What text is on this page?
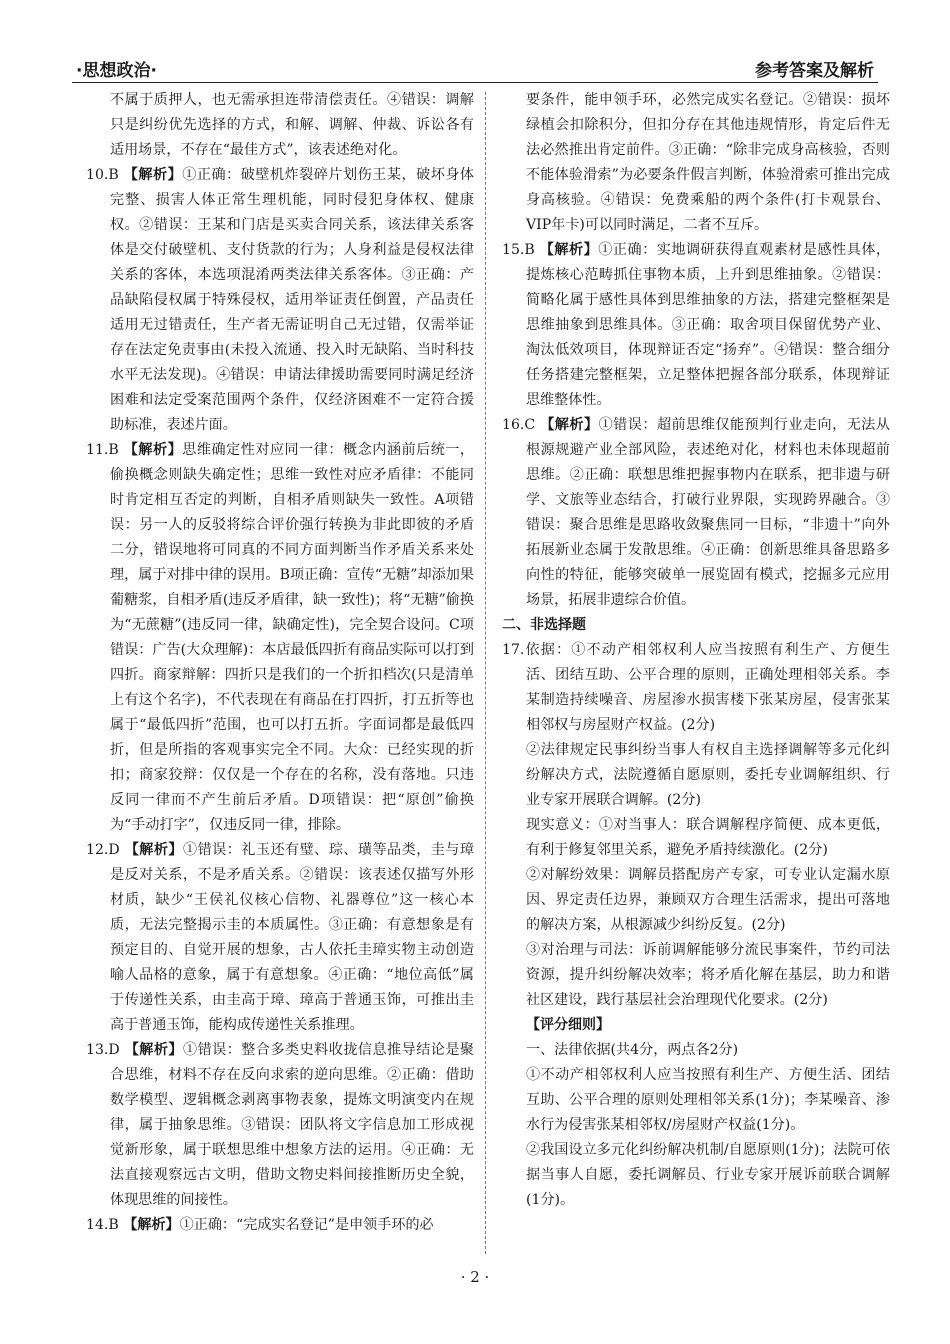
·思想政治·	参考答案及解析
不属于质押人，也无需承担连带清偿责任。④错误：调解只是纠纷优先选择的方式，和解、调解、仲裁、诉讼各有适用场景，不存在“最佳方式”，该表述绝对化。
10.B 【解析】①正确：破壁机炸裂碎片划伤王某，破坏身体完整、损害人体正常生理机能，同时侵犯身体权、健康权。②错误：王某和门店是买卖合同关系，该法律关系客体是交付破壁机、支付货款的行为；人身利益是侵权法律关系的客体，本选项混淆两类法律关系客体。③正确：产品缺陷侵权属于特殊侵权，适用举证责任倒置，产品责任适用无过错责任，生产者无需证明自己无过错，仅需举证存在法定免责事由(未投入流通、投入时无缺陷、当时科技水平无法发现)。④错误：申请法律援助需要同时满足经济困难和法定受案范围两个条件，仅经济困难不一定符合援助标准，表述片面。
11.B 【解析】思维确定性对应同一律：概念内涵前后统一，偷换概念则缺失确定性；思维一致性对应矛盾律：不能同时肯定相互否定的判断，自相矛盾则缺失一致性。A项错误：另一人的反驳将综合评价强行转换为非此即彼的矛盾二分，错误地将可同真的不同方面判断当作矛盾关系来处理，属于对排中律的误用。B项正确：宣传“无糖”却添加果葡糖浆，自相矛盾(违反矛盾律，缺一致性)；将“无糖”偷换为“无蔗糖”(违反同一律，缺确定性)，完全契合设问。C项错误：广告(大众理解)：本店最低四折有商品实际可以打到四折。商家辩解：四折只是我们的一个折扣档次(只是清单上有这个名字)，不代表现在有商品在打四折，打五折等也属于“最低四折”范围，也可以打五折。字面词都是最低四折，但是所指的客观事实完全不同。大众：已经实现的折扣；商家狡辩：仅仅是一个存在的名称，没有落地。只违反同一律而不产生前后矛盾。D项错误：把“原创”偷换为“手动打字”，仅违反同一律，排除。
12.D 【解析】①错误：礼玉还有璧、琮、璜等品类，圭与璋是反对关系，不是矛盾关系。②错误：该表述仅描写外形材质，缺少“王侯礼仪核心信物、礼器尊位”这一核心本质，无法完整揭示圭的本质属性。③正确：有意想象是有预定目的、自觉开展的想象，古人依托圭璋实物主动创造喻人品格的意象，属于有意想象。④正确：“地位高低”属于传递性关系，由圭高于璋、璋高于普通玉饰，可推出圭高于普通玉饰，能构成传递性关系推理。
13.D 【解析】①错误：整合多类史料收拢信息推导结论是聚合思维，材料不存在反向求索的逆向思维。②正确：借助数学模型、逻辑概念剥离事物表象，提炼文明演变内在规律，属于抽象思维。③错误：团队将文字信息加工形成视觉新形象，属于联想思维中想象方法的运用。④正确：无法直接观察远古文明，借助文物史料间接推断历史全貌，体现思维的间接性。
14.B 【解析】①正确：“完成实名登记”是申领手环的必
要条件，能申领手环，必然完成实名登记。②错误：损坏绿植会扣除积分，但扣分存在其他违规情形，肯定后件无法必然推出肯定前件。③正确：“除非完成身高核验，否则不能体验滑索”为必要条件假言判断，体验滑索可推出完成身高核验。④错误：免费乘船的两个条件(打卡观景台、VIP年卡)可以同时满足，二者不互斥。
15.B 【解析】①正确：实地调研获得直观素材是感性具体，提炼核心范畴抓住事物本质，上升到思维抽象。②错误：简略化属于感性具体到思维抽象的方法，搭建完整框架是思维抽象到思维具体。③正确：取舍项目保留优势产业、淘汰低效项目，体现辩证否定“扬弃”。④错误：整合细分任务搭建完整框架，立足整体把握各部分联系，体现辩证思维整体性。
16.C 【解析】①错误：超前思维仅能预判行业走向，无法从根源规避产业全部风险，表述绝对化，材料也未体现超前思维。②正确：联想思维把握事物内在联系，把非遗与研学、文旅等业态结合，打破行业界限，实现跨界融合。③错误：聚合思维是思路收敛聚焦同一目标，“非遗十”向外拓展新业态属于发散思维。④正确：创新思维具备思路多向性的特征，能够突破单一展览固有模式，挖掘多元应用场景，拓展非遗综合价值。
二、非选择题
17.依据：①不动产相邻权利人应当按照有利生产、方便生活、团结互助、公平合理的原则，正确处理相邻关系。李某制造持续噪音、房屋渗水损害楼下张某房屋，侵害张某相邻权与房屋财产权益。(2分)
②法律规定民事纠纷当事人有权自主选择调解等多元化纠纷解决方式，法院遵循自愿原则，委托专业调解组织、行业专家开展联合调解。(2分)
现实意义：①对当事人：联合调解程序简便、成本更低，有利于修复邻里关系，避免矛盾持续激化。(2分)
②对解纷效果：调解员搭配房产专家，可专业认定漏水原因、界定责任边界，兼顾双方合理生活需求，提出可落地的解决方案，从根源减少纠纷反复。(2分)
③对治理与司法：诉前调解能够分流民事案件，节约司法资源，提升纠纷解决效率；将矛盾化解在基层，助力和谐社区建设，践行基层社会治理现代化要求。(2分)
【评分细则】
一、法律依据(共4分，两点各2分)
①不动产相邻权利人应当按照有利生产、方便生活、团结互助、公平合理的原则处理相邻关系(1分)；李某噪音、渗水行为侵害张某相邻权/房屋财产权益(1分)。
②我国设立多元化纠纷解决机制/自愿原则(1分)；法院可依据当事人自愿，委托调解员、行业专家开展诉前联合调解(1分)。
· 2 ·
